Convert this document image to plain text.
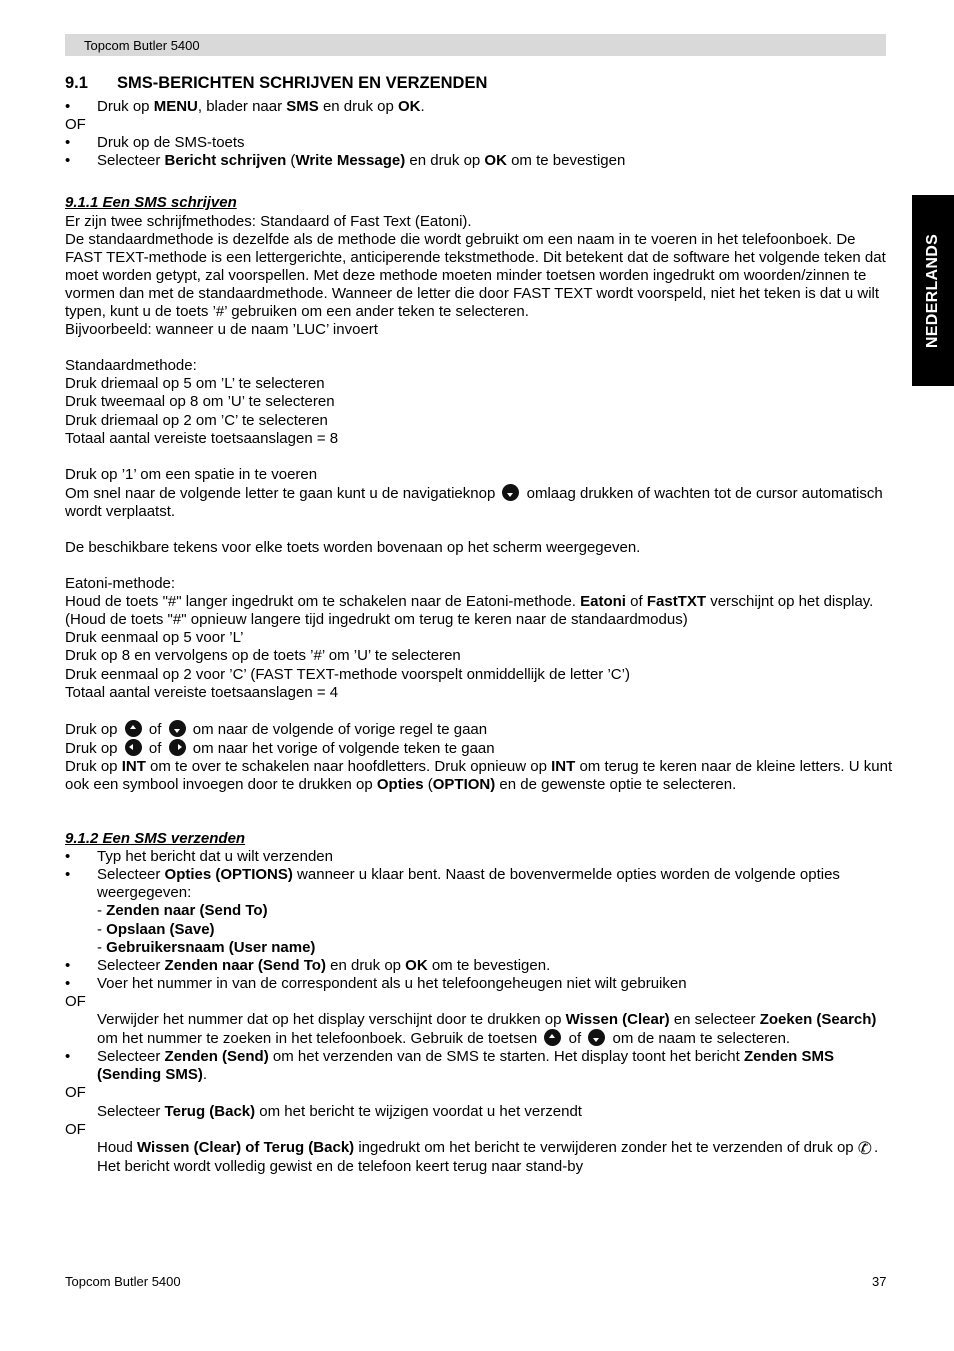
Topcom Butler 5400
NEDERLANDS

9.1 SMS-BERICHTEN SCHRIJVEN EN VERZENDEN

• Druk op MENU, blader naar SMS en druk op OK.

OF

• Druk op de SMS-toets

• Selecteer Bericht schrijven (Write Message) en druk op OK om te bevestigen

9.1.1 Een SMS schrijven

Er zijn twee schrijfmethodes: Standaard of Fast Text (Eatoni).

De standaardmethode is dezelfde als de methode die wordt gebruikt om een naam in te voeren in het telefoonboek. De FAST TEXT-methode is een lettergerichte, anticiperende tekstmethode. Dit betekent dat de software het volgende teken dat moet worden getypt, zal voorspellen. Met deze methode moeten minder toetsen worden ingedrukt om woorden/zinnen te vormen dan met de standaardmethode. Wanneer de letter die door FAST TEXT wordt voorspeld, niet het teken is dat u wilt typen, kunt u de toets ’#’ gebruiken om een ander teken te selecteren.

Bijvoorbeeld: wanneer u de naam ’LUC’ invoert

Standaardmethode:

Druk driemaal op 5 om ’L’ te selecteren

Druk tweemaal op 8 om ’U’ te selecteren

Druk driemaal op 2 om ’C’ te selecteren

Totaal aantal vereiste toetsaanslagen = 8

Druk op ’1’ om een spatie in te voeren

Om snel naar de volgende letter te gaan kunt u de navigatieknop omlaag drukken of wachten tot de cursor automatisch wordt verplaatst.

De beschikbare tekens voor elke toets worden bovenaan op het scherm weergegeven.

Eatoni-methode:

Houd de toets "#" langer ingedrukt om te schakelen naar de Eatoni-methode. Eatoni of FastTXT verschijnt op het display. (Houd de toets "#" opnieuw langere tijd ingedrukt om terug te keren naar de standaardmodus)

Druk eenmaal op 5 voor ’L’

Druk op 8 en vervolgens op de toets ’#’ om ’U’ te selecteren

Druk eenmaal op 2 voor ’C’ (FAST TEXT-methode voorspelt onmiddellijk de letter ’C’)

Totaal aantal vereiste toetsaanslagen = 4

Druk op of om naar de volgende of vorige regel te gaan

Druk op of om naar het vorige of volgende teken te gaan

Druk op INT om te over te schakelen naar hoofdletters. Druk opnieuw op INT om terug te keren naar de kleine letters. U kunt ook een symbool invoegen door te drukken op Opties (OPTION) en de gewenste optie te selecteren.

9.1.2 Een SMS verzenden

• Typ het bericht dat u wilt verzenden

• Selecteer Opties (OPTIONS) wanneer u klaar bent. Naast de bovenvermelde opties worden de volgende opties weergegeven:

- Zenden naar (Send To)

- Opslaan (Save)

- Gebruikersnaam (User name)

• Selecteer Zenden naar (Send To) en druk op OK om te bevestigen.

• Voer het nummer in van de correspondent als u het telefoongeheugen niet wilt gebruiken

OF

Verwijder het nummer dat op het display verschijnt door te drukken op Wissen (Clear) en selecteer Zoeken (Search) om het nummer te zoeken in het telefoonboek. Gebruik de toetsen of om de naam te selecteren.

• Selecteer Zenden (Send) om het verzenden van de SMS te starten. Het display toont het bericht Zenden SMS (Sending SMS).

OF

Selecteer Terug (Back) om het bericht te wijzigen voordat u het verzendt

OF

Houd Wissen (Clear) of Terug (Back) ingedrukt om het bericht te verwijderen zonder het te verzenden of druk op ✆ . Het bericht wordt volledig gewist en de telefoon keert terug naar stand-by

Topcom Butler 5400	37
